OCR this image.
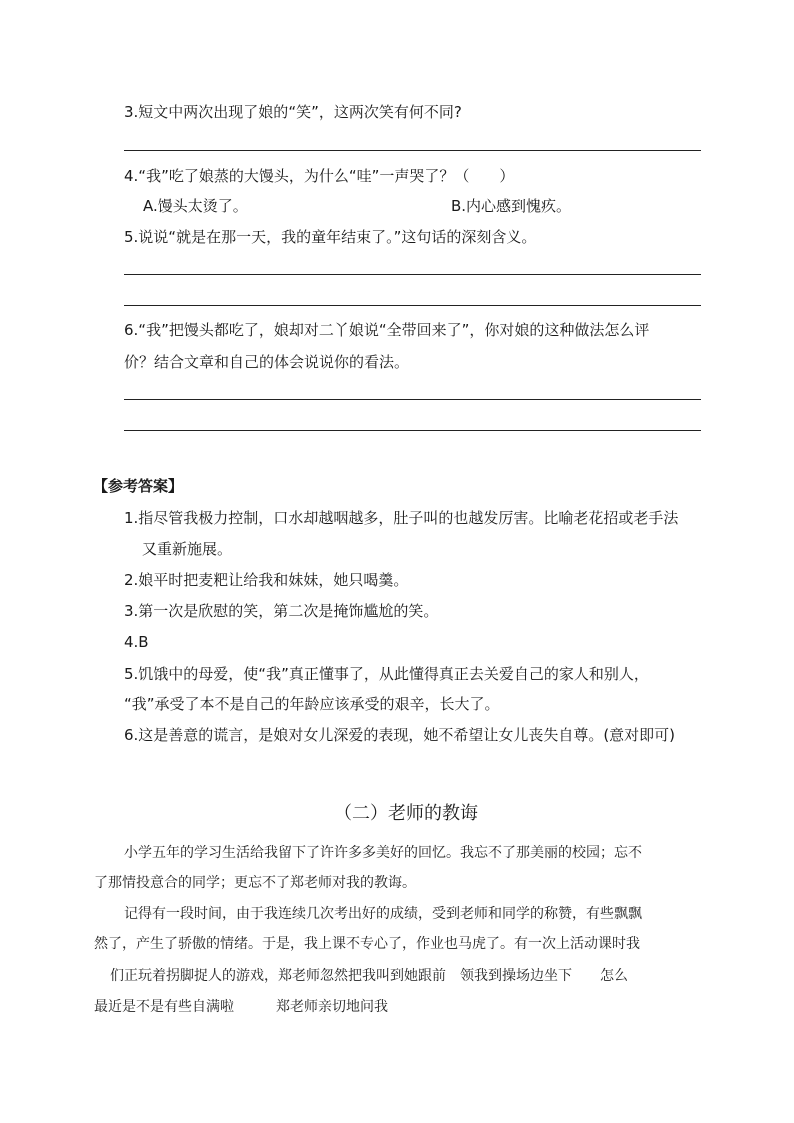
3.短文中两次出现了娘的“笑”，这两次笑有何不同?
4.“我”吃了娘蒸的大馒头，为什么“哇”一声哭了？（　　）
A.馒头太烫了。	B.内心感到愧疚。
5.说说“就是在那一天，我的童年结束了。”这句话的深刻含义。
6.“我”把馒头都吃了，娘却对二丫娘说“全带回来了”，你对娘的这种做法怎么评
价？结合文章和自己的体会说说你的看法。
【参考答案】
1.指尽管我极力控制，口水却越咽越多，肚子叫的也越发厉害。比喻老花招或老手法
又重新施展。
2.娘平时把麦粑让给我和妹妹，她只喝羹。
3.第一次是欣慰的笑，第二次是掩饰尴尬的笑。
4.B
5.饥饿中的母爱，使“我”真正懂事了，从此懂得真正去关爱自己的家人和别人，
“我”承受了本不是自己的年龄应该承受的艰辛，长大了。
6.这是善意的谎言，是娘对女儿深爱的表现，她不希望让女儿丧失自尊。(意对即可)
（二）老师的教诲
小学五年的学习生活给我留下了许许多多美好的回忆。我忘不了那美丽的校园；忘不
了那情投意合的同学；更忘不了郑老师对我的教诲。
记得有一段时间，由于我连续几次考出好的成绩，受到老师和同学的称赞，有些飘飘
然了，产生了骄傲的情绪。于是，我上课不专心了，作业也马虎了。有一次上活动课时我
们正玩着拐脚捉人的游戏，郑老师忽然把我叫到她跟前　领我到操场边坐下　　怎么
最近是不是有些自满啦　　　郑老师亲切地问我
